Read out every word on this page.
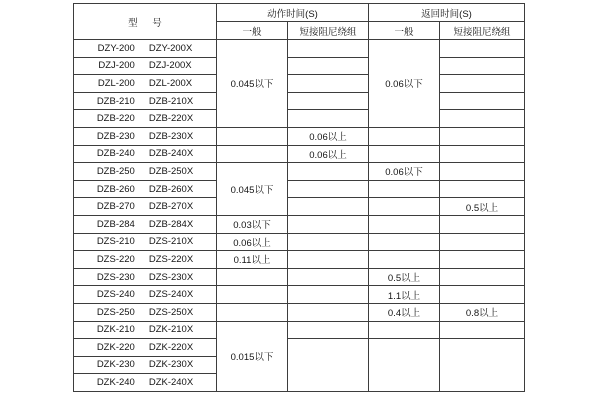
型 号	动作时间(S)		返回时间(S)	
	一般	短接阻尼绕组	一般	短接阻尼绕组

DZY-200 DZY-200X	0.045以下		0.06以下	

DZJ-200 DZJ-200X				

DZL-200 DZL-200X				

DZB-210 DZB-210X				

DZB-220 DZB-220X				

DZB-230 DZB-230X		0.06以上		

DZB-240 DZB-240X		0.06以上		

DZB-250 DZB-250X	0.045以下		0.06以下	

DZB-260 DZB-260X				

DZB-270 DZB-270X				0.5以上

DZB-284 DZB-284X	0.03以下			

DZS-210 DZS-210X	0.06以上			

DZS-220 DZS-220X	0.11以上			

DZS-230 DZS-230X			0.5以上	

DZS-240 DZS-240X			1.1以上	

DZS-250 DZS-250X			0.4以上	0.8以上

DZK-210 DZK-210X	0.015以下			

DZK-220 DZK-220X				

DZK-230 DZK-230X				

DZK-240 DZK-240X				
